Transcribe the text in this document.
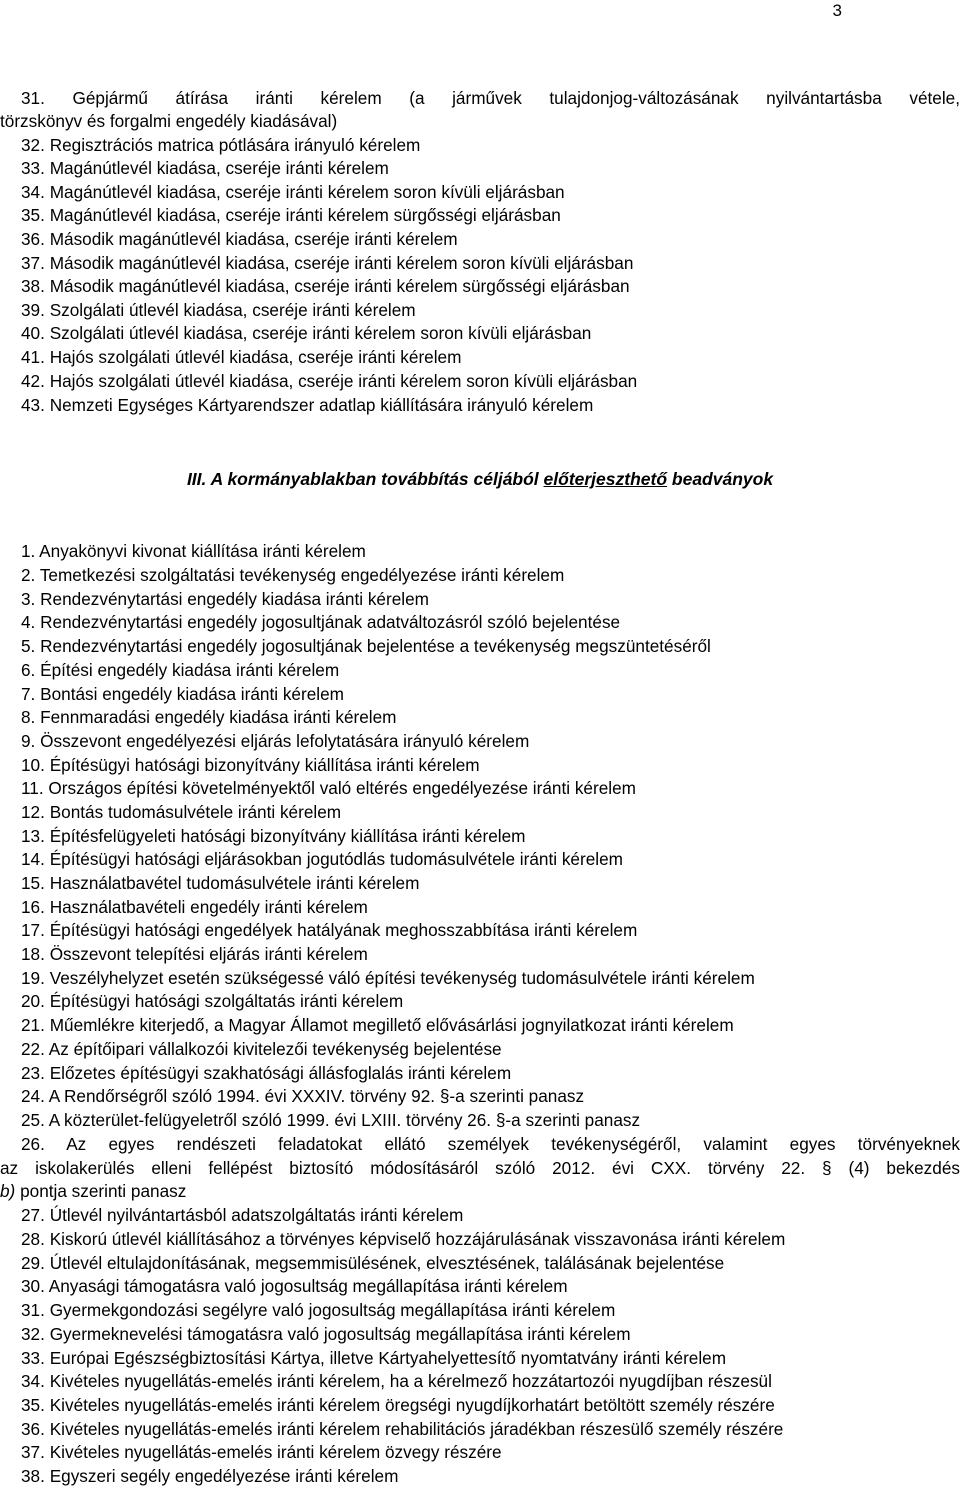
3
31. Gépjármű átírása iránti kérelem (a járművek tulajdonjog-változásának nyilvántartásba vétele,
törzskönyv és forgalmi engedély kiadásával)
32. Regisztrációs matrica pótlására irányuló kérelem
33. Magánútlevél kiadása, cseréje iránti kérelem
34. Magánútlevél kiadása, cseréje iránti kérelem soron kívüli eljárásban
35. Magánútlevél kiadása, cseréje iránti kérelem sürgősségi eljárásban
36. Második magánútlevél kiadása, cseréje iránti kérelem
37. Második magánútlevél kiadása, cseréje iránti kérelem soron kívüli eljárásban
38. Második magánútlevél kiadása, cseréje iránti kérelem sürgősségi eljárásban
39. Szolgálati útlevél kiadása, cseréje iránti kérelem
40. Szolgálati útlevél kiadása, cseréje iránti kérelem soron kívüli eljárásban
41. Hajós szolgálati útlevél kiadása, cseréje iránti kérelem
42. Hajós szolgálati útlevél kiadása, cseréje iránti kérelem soron kívüli eljárásban
43. Nemzeti Egységes Kártyarendszer adatlap kiállítására irányuló kérelem
III. A kormányablakban továbbítás céljából előterjeszthető beadványok
1. Anyakönyvi kivonat kiállítása iránti kérelem
2. Temetkezési szolgáltatási tevékenység engedélyezése iránti kérelem
3. Rendezvénytartási engedély kiadása iránti kérelem
4. Rendezvénytartási engedély jogosultjának adatváltozásról szóló bejelentése
5. Rendezvénytartási engedély jogosultjának bejelentése a tevékenység megszüntetéséről
6. Építési engedély kiadása iránti kérelem
7. Bontási engedély kiadása iránti kérelem
8. Fennmaradási engedély kiadása iránti kérelem
9. Összevont engedélyezési eljárás lefolytatására irányuló kérelem
10. Építésügyi hatósági bizonyítvány kiállítása iránti kérelem
11. Országos építési követelményektől való eltérés engedélyezése iránti kérelem
12. Bontás tudomásulvétele iránti kérelem
13. Építésfelügyeleti hatósági bizonyítvány kiállítása iránti kérelem
14. Építésügyi hatósági eljárásokban jogutódlás tudomásulvétele iránti kérelem
15. Használatbavétel tudomásulvétele iránti kérelem
16. Használatbavételi engedély iránti kérelem
17. Építésügyi hatósági engedélyek hatályának meghosszabbítása iránti kérelem
18. Összevont telepítési eljárás iránti kérelem
19. Veszélyhelyzet esetén szükségessé váló építési tevékenység tudomásulvétele iránti kérelem
20. Építésügyi hatósági szolgáltatás iránti kérelem
21. Műemlékre kiterjedő, a Magyar Államot megillető elővásárlási jognyilatkozat iránti kérelem
22. Az építőipari vállalkozói kivitelezői tevékenység bejelentése
23. Előzetes építésügyi szakhatósági állásfoglalás iránti kérelem
24. A Rendőrségről szóló 1994. évi XXXIV. törvény 92. §-a szerinti panasz
25. A közterület-felügyeletről szóló 1999. évi LXIII. törvény 26. §-a szerinti panasz
26. Az egyes rendészeti feladatokat ellátó személyek tevékenységéről, valamint egyes törvényeknek
az iskolakerülés elleni fellépést biztosító módosításáról szóló 2012. évi CXX. törvény 22. § (4) bekezdés
b) pontja szerinti panasz
27. Útlevél nyilvántartásból adatszolgáltatás iránti kérelem
28. Kiskorú útlevél kiállításához a törvényes képviselő hozzájárulásának visszavonása iránti kérelem
29. Útlevél eltulajdonításának, megsemmisülésének, elvesztésének, találásának bejelentése
30. Anyasági támogatásra való jogosultság megállapítása iránti kérelem
31. Gyermekgondozási segélyre való jogosultság megállapítása iránti kérelem
32. Gyermeknevelési támogatásra való jogosultság megállapítása iránti kérelem
33. Európai Egészségbiztosítási Kártya, illetve Kártyahelyettesítő nyomtatvány iránti kérelem
34. Kivételes nyugellátás-emelés iránti kérelem, ha a kérelmező hozzátartozói nyugdíjban részesül
35. Kivételes nyugellátás-emelés iránti kérelem öregségi nyugdíjkorhatárt betöltött személy részére
36. Kivételes nyugellátás-emelés iránti kérelem rehabilitációs járadékban részesülő személy részére
37. Kivételes nyugellátás-emelés iránti kérelem özvegy részére
38. Egyszeri segély engedélyezése iránti kérelem
